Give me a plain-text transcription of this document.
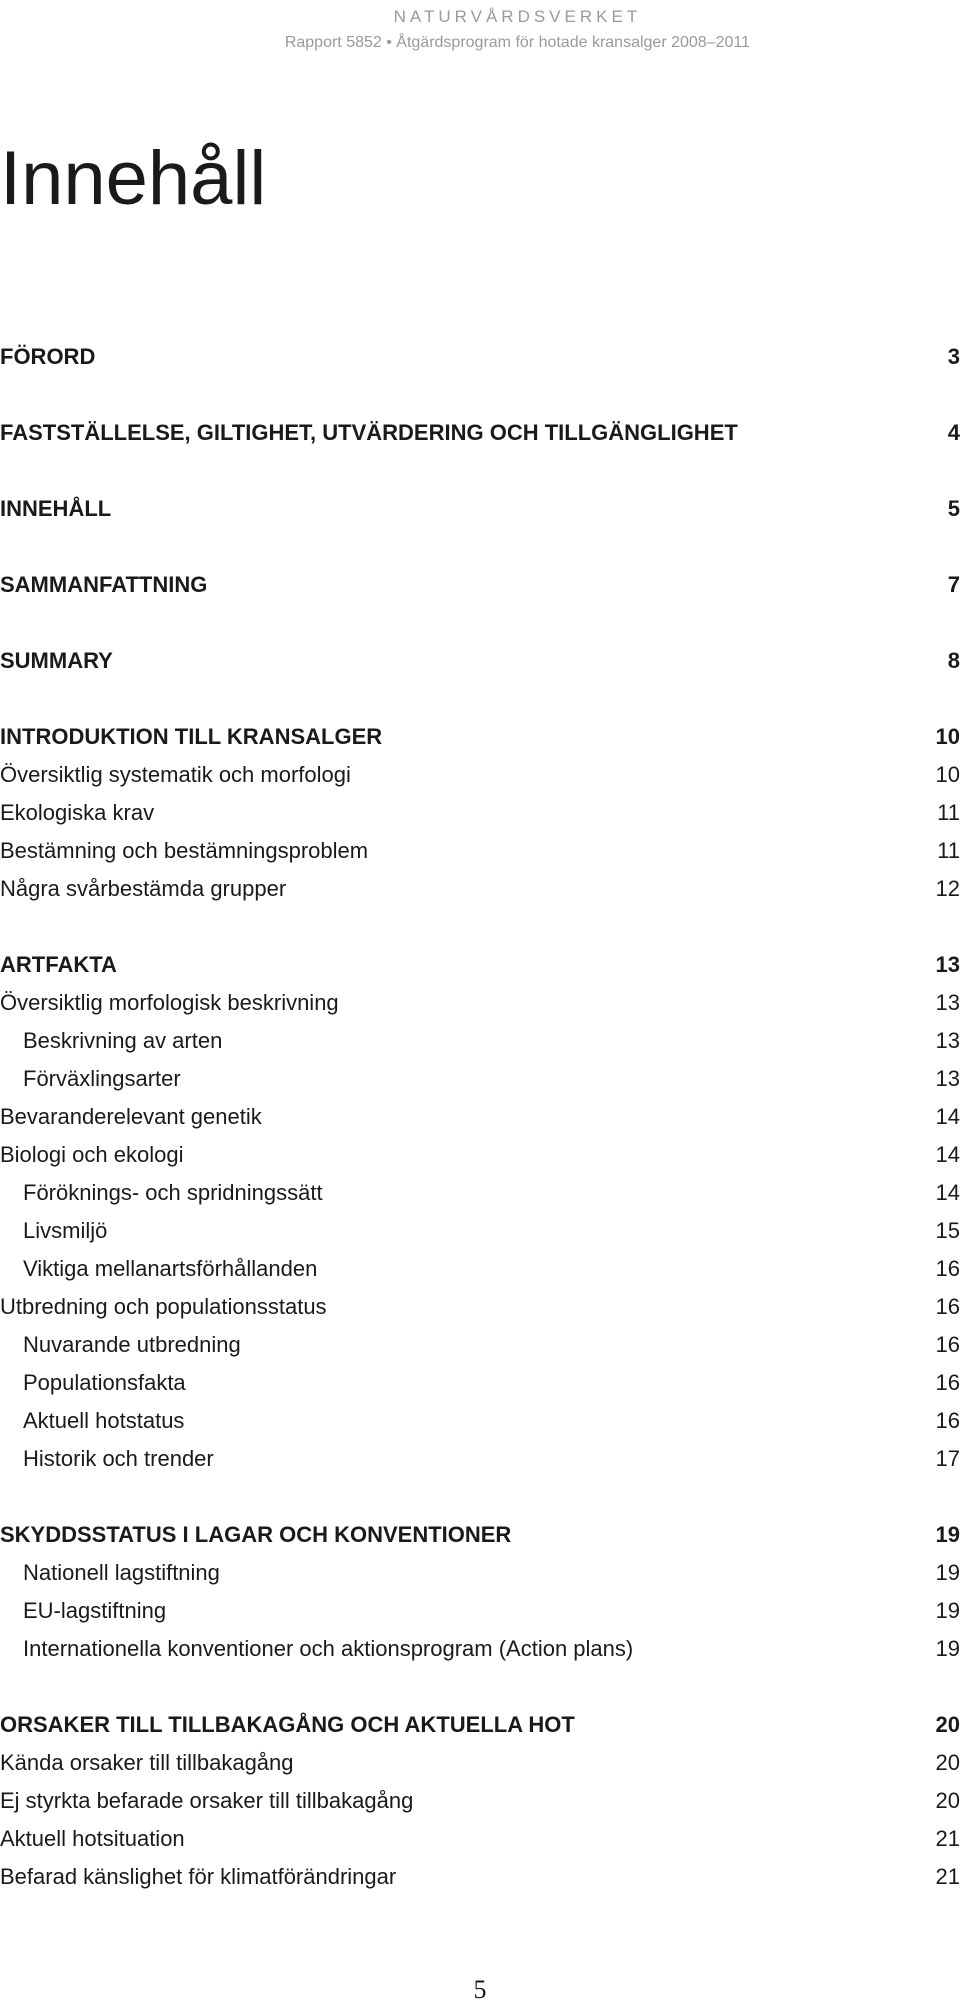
NATURVÅRDSVERKET
Rapport 5852 • Åtgärdsprogram för hotade kransalger 2008–2011
Innehåll
FÖRORD	3
FASTSTÄLLELSE, GILTIGHET, UTVÄRDERING OCH TILLGÄNGLIGHET	4
INNEHÅLL	5
SAMMANFATTNING	7
SUMMARY	8
INTRODUKTION TILL KRANSALGER	10
Översiktlig systematik och morfologi	10
Ekologiska krav	11
Bestämning och bestämningsproblem	11
Några svårbestämda grupper	12
ARTFAKTA	13
Översiktlig morfologisk beskrivning	13
Beskrivning av arten	13
Förväxlingsarter	13
Bevaranderelevant genetik	14
Biologi och ekologi	14
Föröknings- och spridningssätt	14
Livsmiljö	15
Viktiga mellanartsförhållanden	16
Utbredning och populationsstatus	16
Nuvarande utbredning	16
Populationsfakta	16
Aktuell hotstatus	16
Historik och trender	17
SKYDDSSTATUS I LAGAR OCH KONVENTIONER	19
Nationell lagstiftning	19
EU-lagstiftning	19
Internationella konventioner och aktionsprogram (Action plans)	19
ORSAKER TILL TILLBAKAGÅNG OCH AKTUELLA HOT	20
Kända orsaker till tillbakagång	20
Ej styrkta befarade orsaker till tillbakagång	20
Aktuell hotsituation	21
Befarad känslighet för klimatförändringar	21
5
